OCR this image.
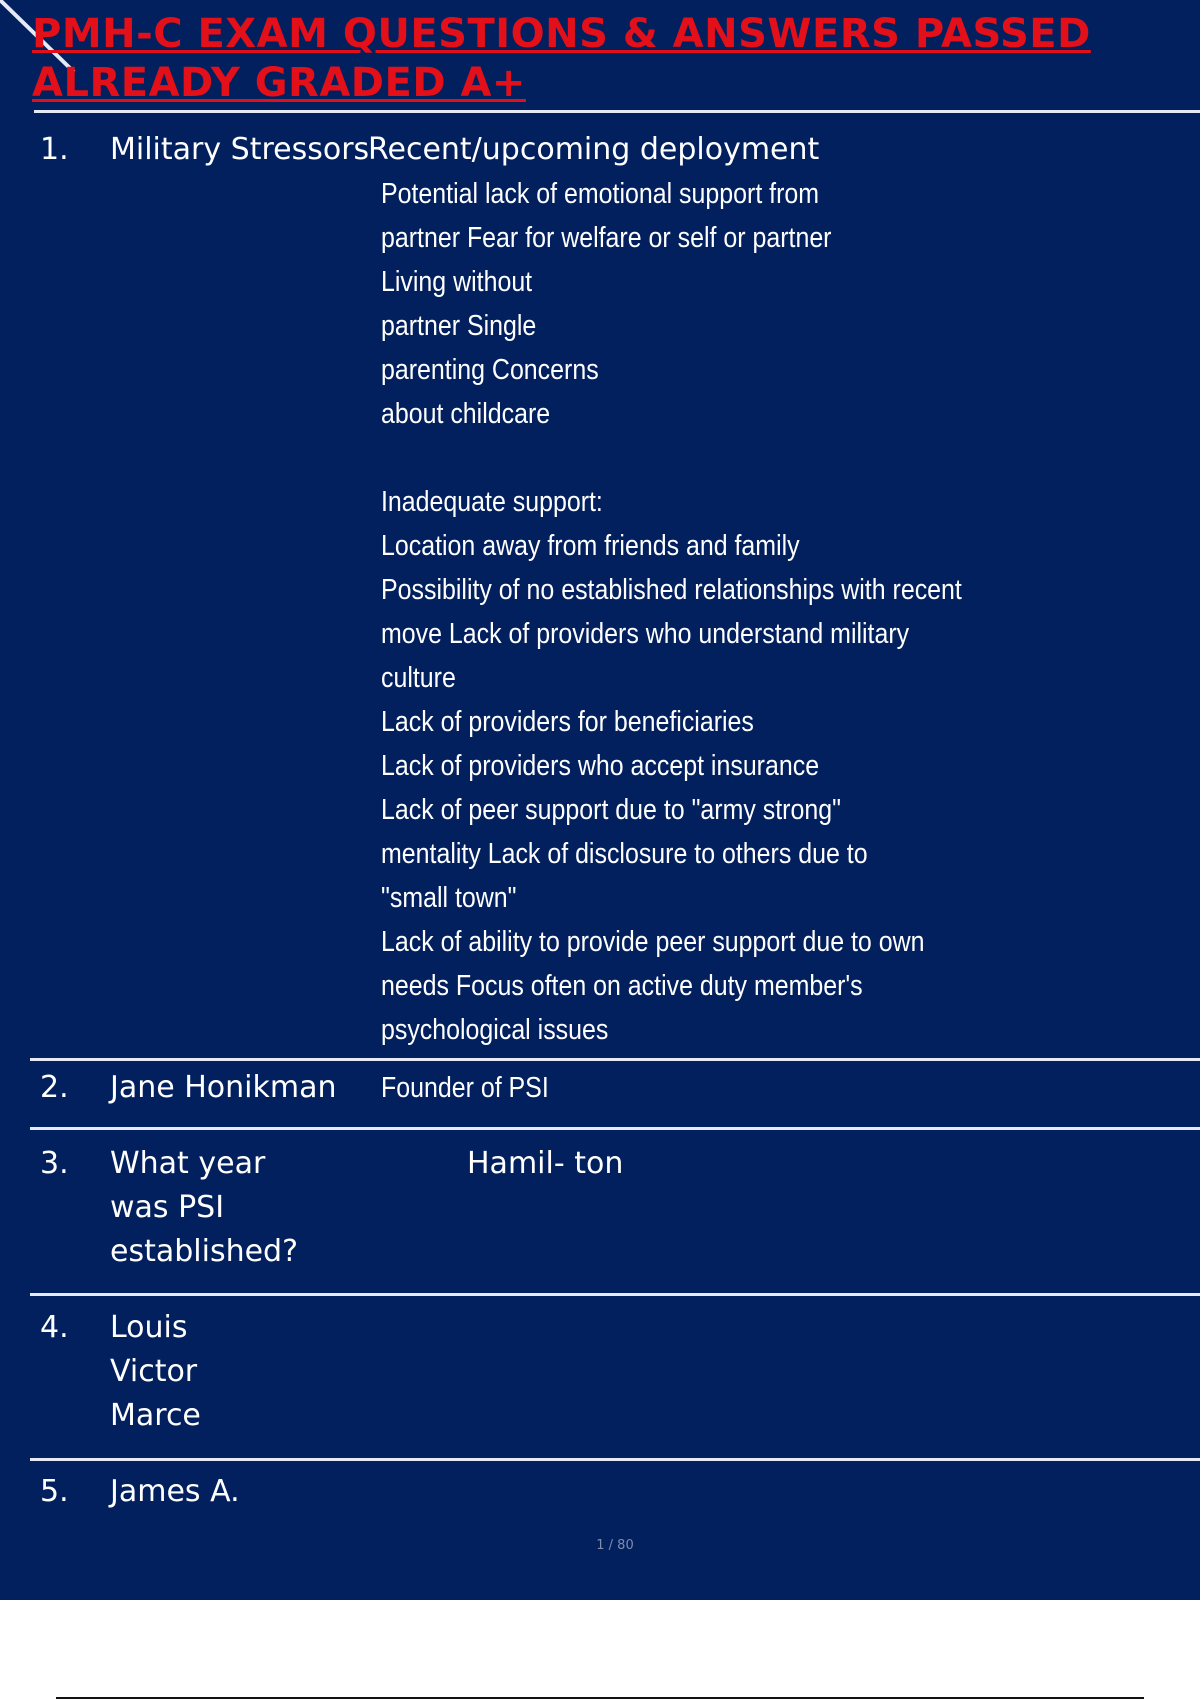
PMH-C EXAM QUESTIONS & ANSWERS PASSED
ALREADY GRADED A+
1. Military Stressors
Recent/upcoming deployment
Potential lack of emotional support from
partner Fear for welfare or self or partner
Living without
partner Single
parenting Concerns
about childcare
Inadequate support:
Location away from friends and family
Possibility of no established relationships with recent
move Lack of providers who understand military
culture
Lack of providers for beneficiaries
Lack of providers who accept insurance
Lack of peer support due to "army strong"
mentality Lack of disclosure to others due to
"small town"
Lack of ability to provide peer support due to own
needs Focus often on active duty member's
psychological issues
2. Jane Honikman Founder of PSI
3. What year
was PSI
established?
Hamil- ton
4. Louis
Victor
Marce
5. James A.
1 / 80
